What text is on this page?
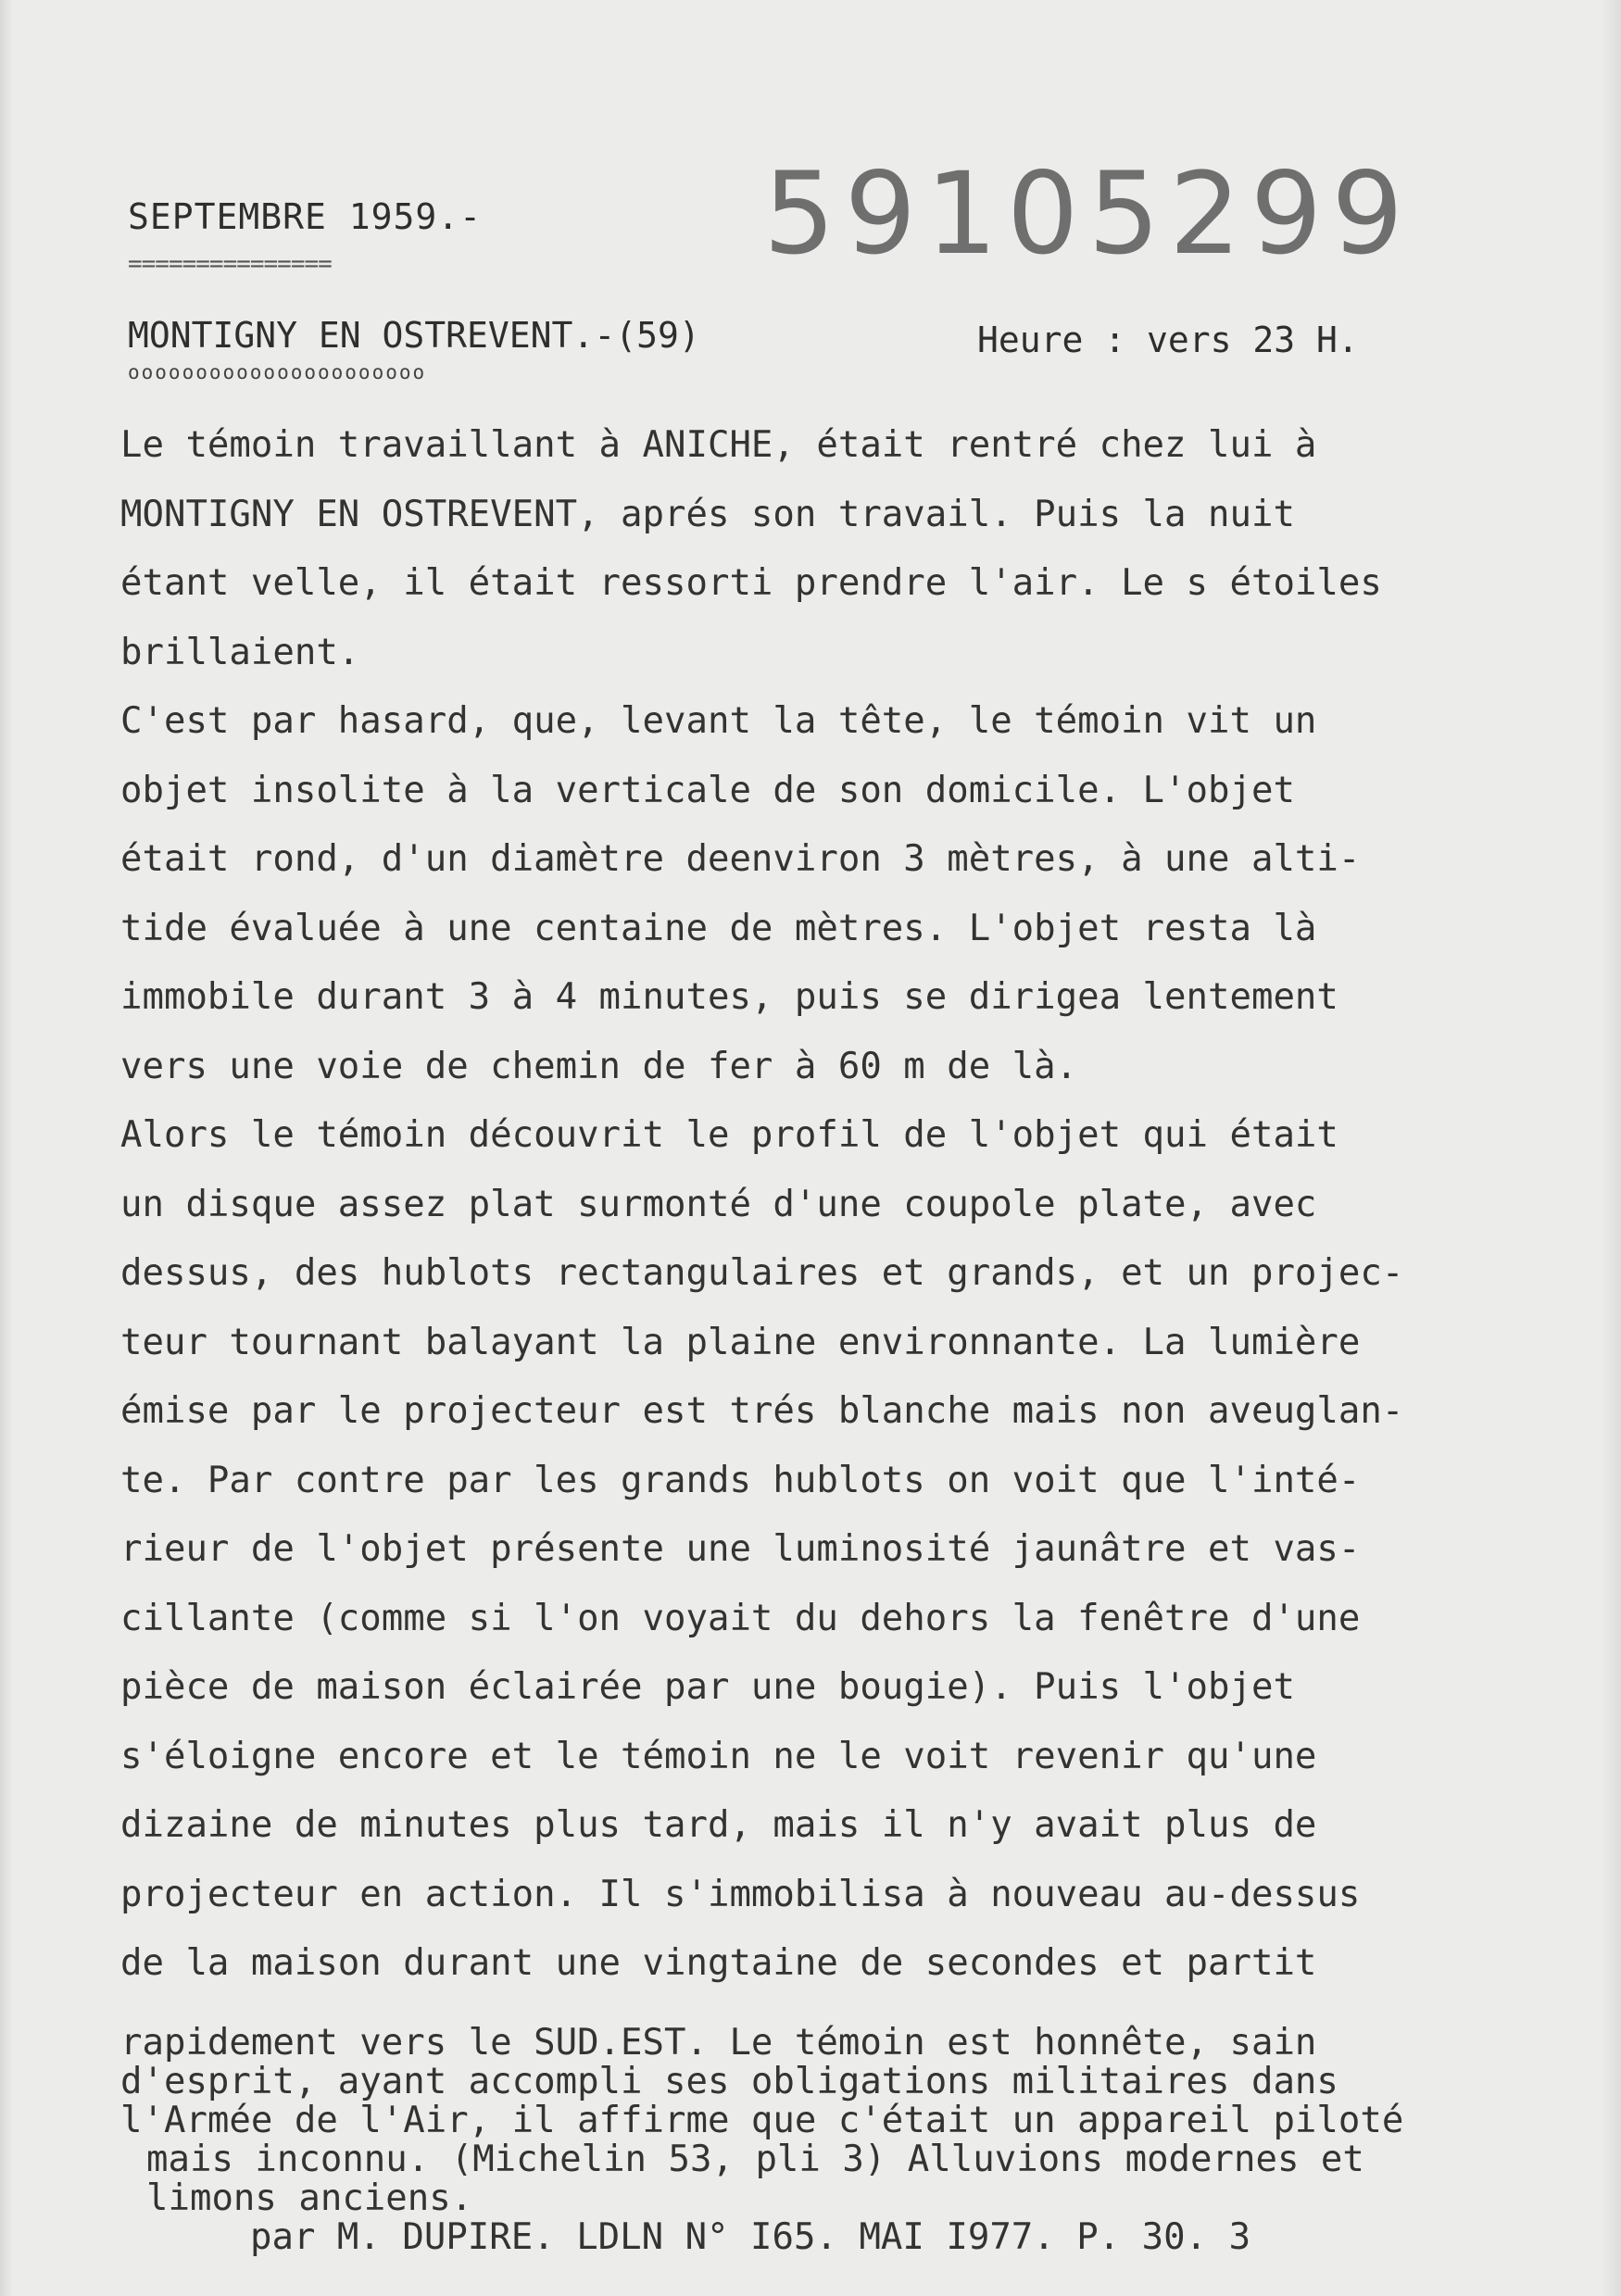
SEPTEMBRE 1959.-
===============	59105299
MONTIGNY EN OSTREVENT.-(59)
oooooooooooooooooooooo
Heure : vers 23 H.
Le témoin travaillant à ANICHE, était rentré chez lui à
MONTIGNY EN OSTREVENT, aprés son travail. Puis la nuit
étant velle, il était ressorti prendre l'air. Le s étoiles
brillaient.
C'est par hasard, que, levant la tête, le témoin vit un
objet insolite à la verticale de son domicile. L'objet
était rond, d'un diamètre deenviron 3 mètres, à une alti-
tide évaluée à une centaine de mètres. L'objet resta là
immobile durant 3 à 4 minutes, puis se dirigea lentement
vers une voie de chemin de fer à 60 m de là.
Alors le témoin découvrit le profil de l'objet qui était
un disque assez plat surmonté d'une coupole plate, avec
dessus, des hublots rectangulaires et grands, et un projec-
teur tournant balayant la plaine environnante. La lumière
émise par le projecteur est trés blanche mais non aveuglan-
te. Par contre par les grands hublots on voit que l'inté-
rieur de l'objet présente une luminosité jaunâtre et vas-
cillante (comme si l'on voyait du dehors la fenêtre d'une
pièce de maison éclairée par une bougie). Puis l'objet
s'éloigne encore et le témoin ne le voit revenir qu'une
dizaine de minutes plus tard, mais il n'y avait plus de
projecteur en action. Il s'immobilisa à nouveau au-dessus
de la maison durant une vingtaine de secondes et partit
rapidement vers le SUD.EST. Le témoin est honnête, sain
d'esprit, ayant accompli ses obligations militaires dans
l'Armée de l'Air, il affirme que c'était un appareil piloté
mais inconnu. (Michelin 53, pli 3) Alluvions modernes et
limons anciens.
par M. DUPIRE. LDLN N° I65. MAI I977. P. 30. 3
